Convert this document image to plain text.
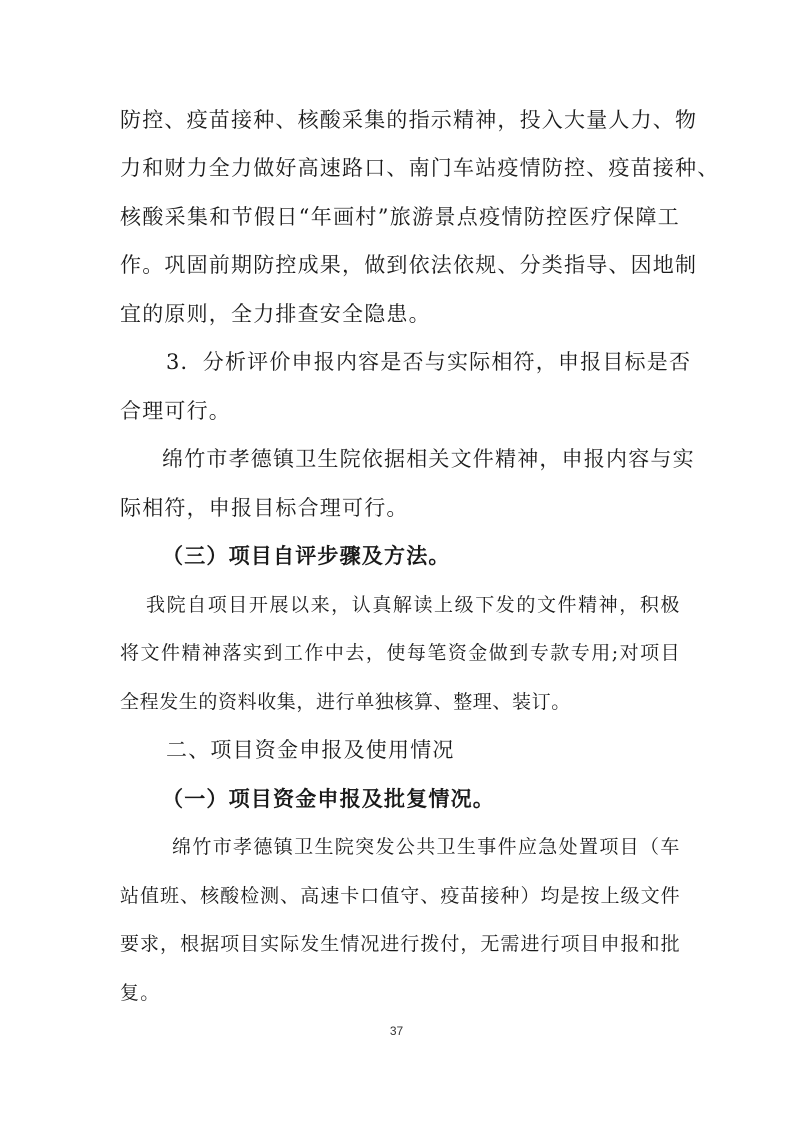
防控、疫苗接种、核酸采集的指示精神，投入大量人力、物
力和财力全力做好高速路口、南门车站疫情防控、疫苗接种、
核酸采集和节假日“年画村”旅游景点疫情防控医疗保障工
作。巩固前期防控成果，做到依法依规、分类指导、因地制
宜的原则，全力排查安全隐患。
3．分析评价申报内容是否与实际相符，申报目标是否
合理可行。
绵竹市孝德镇卫生院依据相关文件精神，申报内容与实
际相符，申报目标合理可行。
（三）项目自评步骤及方法。
我院自项目开展以来，认真解读上级下发的文件精神，积极
将文件精神落实到工作中去，使每笔资金做到专款专用;对项目
全程发生的资料收集，进行单独核算、整理、装订。
二、项目资金申报及使用情况
（一）项目资金申报及批复情况。
绵竹市孝德镇卫生院突发公共卫生事件应急处置项目（车
站值班、核酸检测、高速卡口值守、疫苗接种）均是按上级文件
要求，根据项目实际发生情况进行拨付，无需进行项目申报和批
复。
37
